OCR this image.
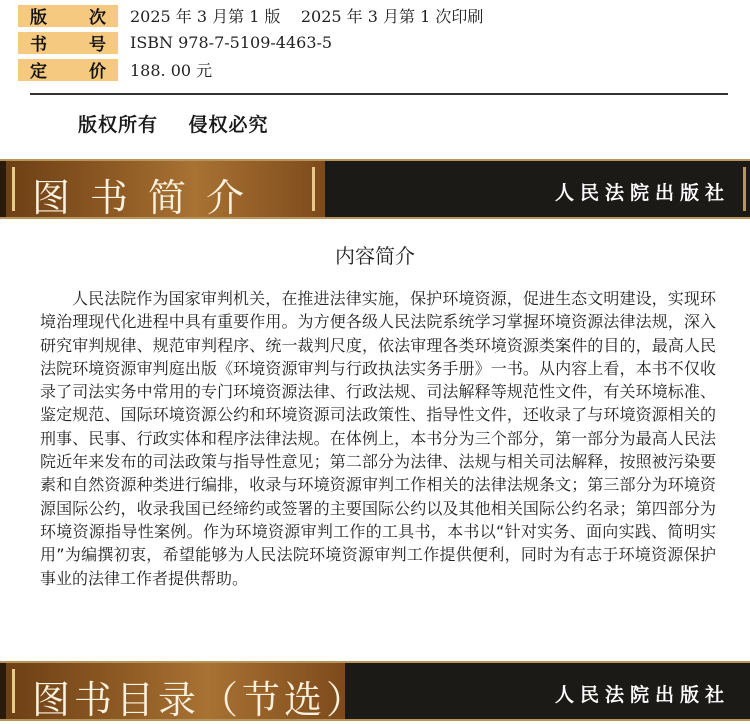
版 次 2025 年 3 月第 1 版    2025 年 3 月第 1 次印刷
书 号 ISBN 978-7-5109-4463-5
定 价 188. 00 元
版权所有    侵权必究
图书简介	人民法院出版社
内容简介
人民法院作为国家审判机关，在推进法律实施，保护环境资源，促进生态文明建设，实现环境治理现代化进程中具有重要作用。为方便各级人民法院系统学习掌握环境资源法律法规，深入研究审判规律、规范审判程序、统一裁判尺度，依法审理各类环境资源类案件的目的，最高人民法院环境资源审判庭出版《环境资源审判与行政执法实务手册》一书。从内容上看，本书不仅收录了司法实务中常用的专门环境资源法律、行政法规、司法解释等规范性文件，有关环境标准、鉴定规范、国际环境资源公约和环境资源司法政策性、指导性文件，还收录了与环境资源相关的刑事、民事、行政实体和程序法律法规。在体例上，本书分为三个部分，第一部分为最高人民法院近年来发布的司法政策与指导性意见；第二部分为法律、法规与相关司法解释，按照被污染要素和自然资源种类进行编排，收录与环境资源审判工作相关的法律法规条文；第三部分为环境资源国际公约，收录我国已经缔约或签署的主要国际公约以及其他相关国际公约名录；第四部分为环境资源指导性案例。作为环境资源审判工作的工具书，本书以“针对实务、面向实践、简明实用”为编撰初衷，希望能够为人民法院环境资源审判工作提供便利，同时为有志于环境资源保护事业的法律工作者提供帮助。
图书目录（节选）	人民法院出版社
